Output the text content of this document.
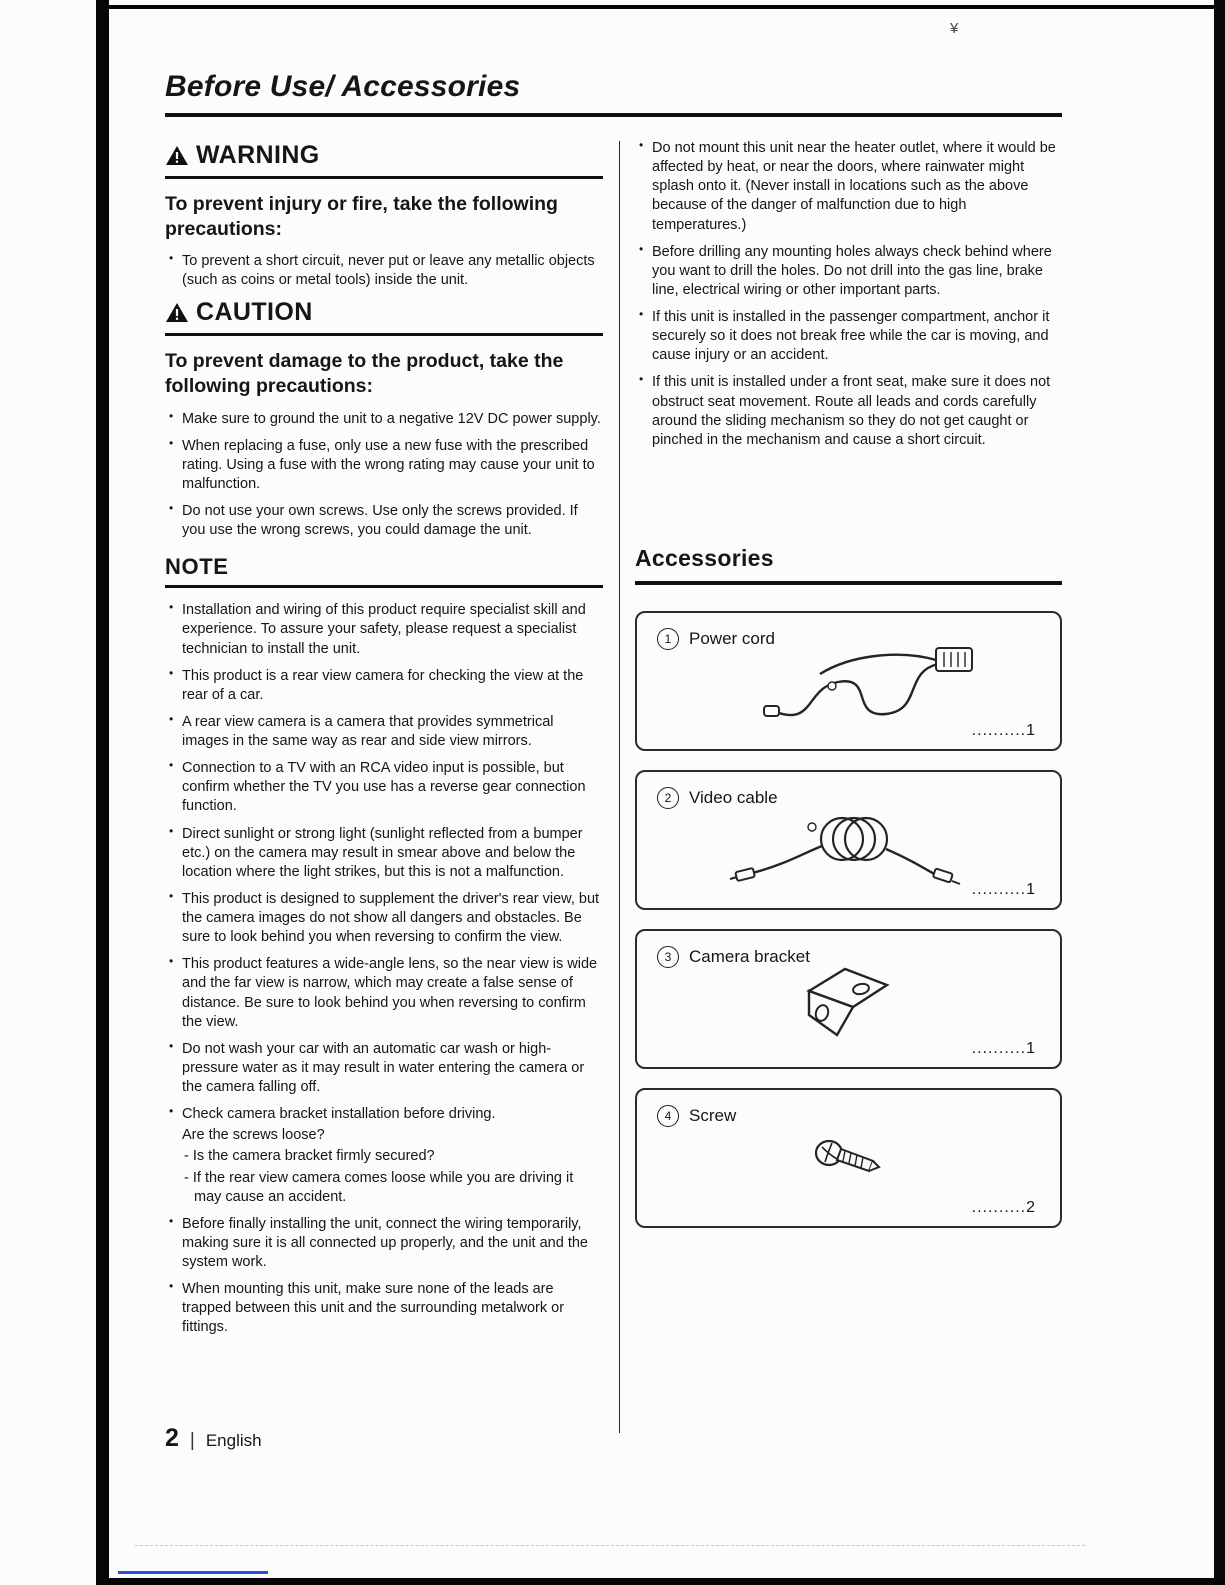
¥
Before Use/ Accessories
WARNING
To prevent injury or fire, take the following precautions:
• To prevent a short circuit, never put or leave any metallic objects (such as coins or metal tools) inside the unit.
CAUTION
To prevent damage to the product, take the following precautions:
• Make sure to ground the unit to a negative 12V DC power supply.
• When replacing a fuse, only use a new fuse with the prescribed rating. Using a fuse with the wrong rating may cause your unit to malfunction.
• Do not use your own screws. Use only the screws provided. If you use the wrong screws, you could damage the unit.
NOTE
• Installation and wiring of this product require specialist skill and experience. To assure your safety, please request a specialist technician to install the unit.
• This product is a rear view camera for checking the view at the rear of a car.
• A rear view camera is a camera that provides symmetrical images in the same way as rear and side view mirrors.
• Connection to a TV with an RCA video input is possible, but confirm whether the TV you use has a reverse gear connection function.
• Direct sunlight or strong light (sunlight reflected from a bumper etc.) on the camera may result in smear above and below the location where the light strikes, but this is not a malfunction.
• This product is designed to supplement the driver's rear view, but the camera images do not show all dangers and obstacles. Be sure to look behind you when reversing to confirm the view.
• This product features a wide-angle lens, so the near view is wide and the far view is narrow, which may create a false sense of distance. Be sure to look behind you when reversing to confirm the view.
• Do not wash your car with an automatic car wash or high-pressure water as it may result in water entering the camera or the camera falling off.
• Check camera bracket installation before driving.
Are the screws loose?
- Is the camera bracket firmly secured?
- If the rear view camera comes loose while you are driving it may cause an accident.
• Before finally installing the unit, connect the wiring temporarily, making sure it is all connected up properly, and the unit and the system work.
• When mounting this unit, make sure none of the leads are trapped between this unit and the surrounding metalwork or fittings.
• Do not mount this unit near the heater outlet, where it would be affected by heat, or near the doors, where rainwater might splash onto it. (Never install in locations such as the above because of the danger of malfunction due to high temperatures.)
• Before drilling any mounting holes always check behind where you want to drill the holes. Do not drill into the gas line, brake line, electrical wiring or other important parts.
• If this unit is installed in the passenger compartment, anchor it securely so it does not break free while the car is moving, and cause injury or an accident.
• If this unit is installed under a front seat, make sure it does not obstruct seat movement. Route all leads and cords carefully around the sliding mechanism so they do not get caught or pinched in the mechanism and cause a short circuit.
Accessories
1	Power cord
..........1
2	Video cable
..........1
3	Camera bracket
..........1
4	Screw
..........2
2 | English
